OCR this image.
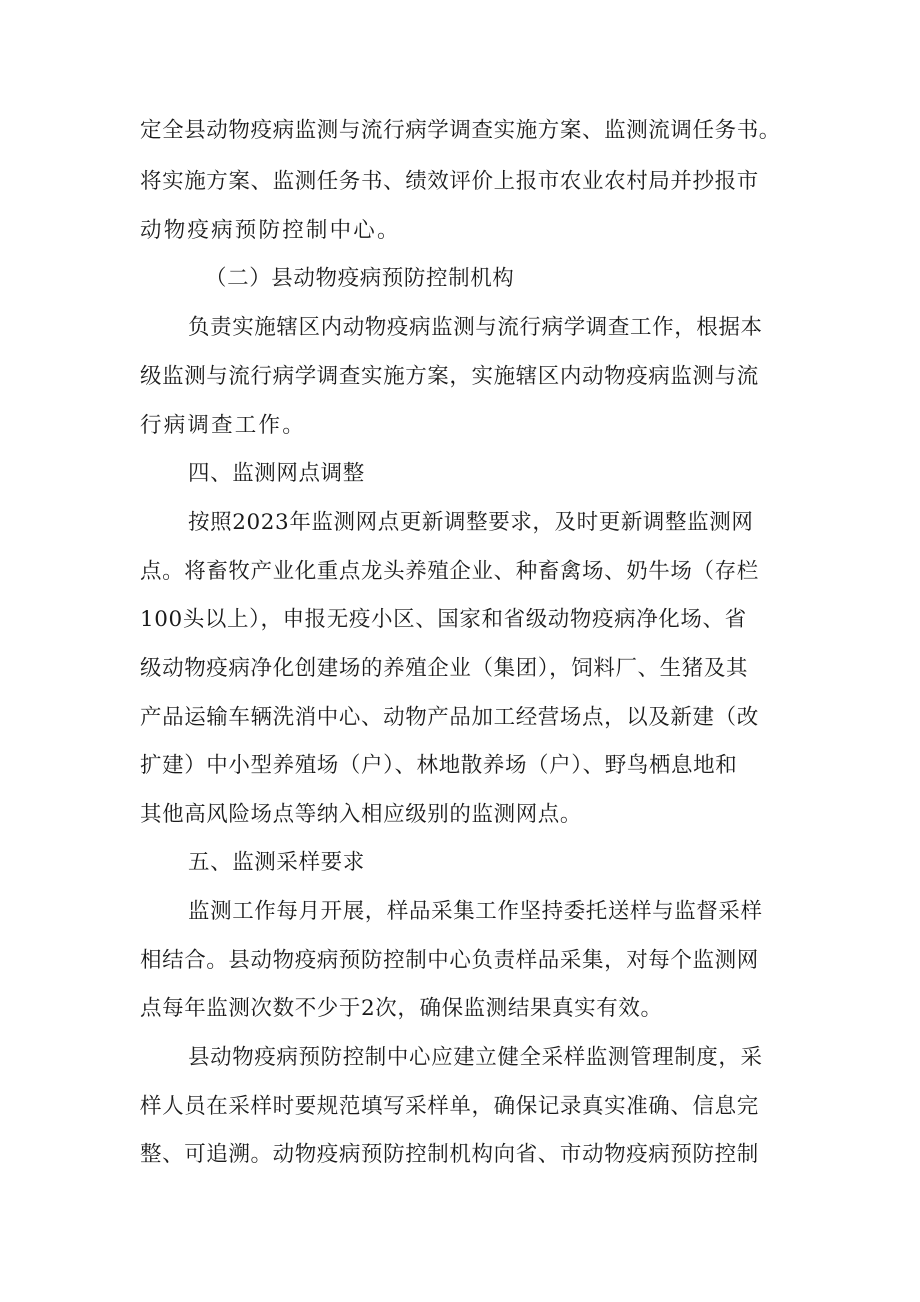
定全县动物疫病监测与流行病学调查实施方案、监测流调任务书。
将实施方案、监测任务书、绩效评价上报市农业农村局并抄报市
动物疫病预防控制中心。
（二）县动物疫病预防控制机构
负责实施辖区内动物疫病监测与流行病学调查工作，根据本
级监测与流行病学调查实施方案，实施辖区内动物疫病监测与流
行病调查工作。
四、监测网点调整
按照2023年监测网点更新调整要求，及时更新调整监测网
点。将畜牧产业化重点龙头养殖企业、种畜禽场、奶牛场（存栏
100头以上），申报无疫小区、国家和省级动物疫病净化场、省
级动物疫病净化创建场的养殖企业（集团），饲料厂、生猪及其
产品运输车辆洗消中心、动物产品加工经营场点，以及新建（改
扩建）中小型养殖场（户）、林地散养场（户）、野鸟栖息地和
其他高风险场点等纳入相应级别的监测网点。
五、监测采样要求
监测工作每月开展，样品采集工作坚持委托送样与监督采样
相结合。县动物疫病预防控制中心负责样品采集，对每个监测网
点每年监测次数不少于2次，确保监测结果真实有效。
县动物疫病预防控制中心应建立健全采样监测管理制度，采
样人员在采样时要规范填写采样单，确保记录真实准确、信息完
整、可追溯。动物疫病预防控制机构向省、市动物疫病预防控制
